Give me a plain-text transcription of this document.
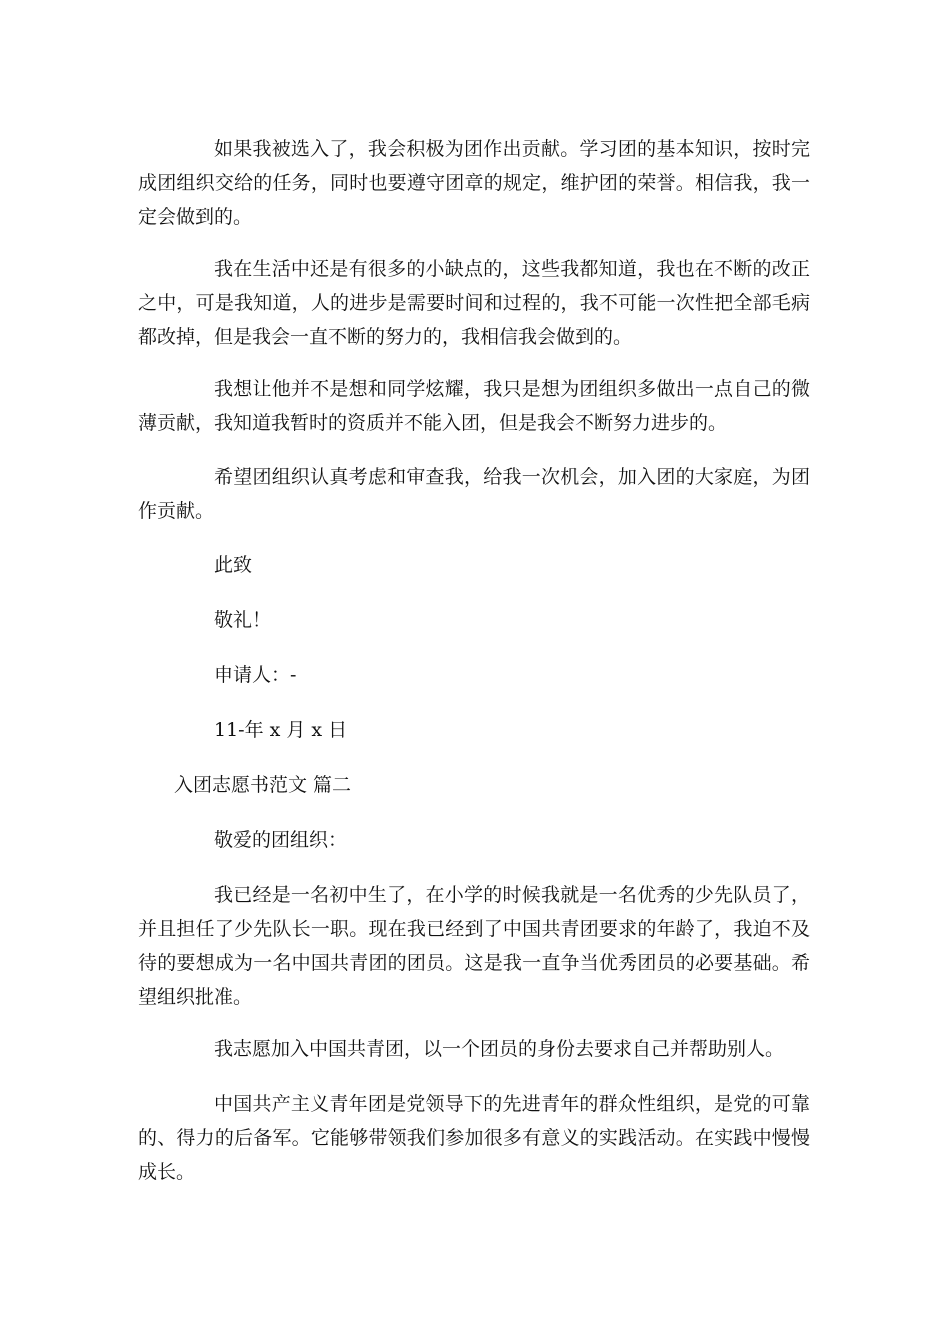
如果我被选入了，我会积极为团作出贡献。学习团的基本知识，按时完成团组织交给的任务，同时也要遵守团章的规定，维护团的荣誉。相信我，我一定会做到的。

我在生活中还是有很多的小缺点的，这些我都知道，我也在不断的改正之中，可是我知道，人的进步是需要时间和过程的，我不可能一次性把全部毛病都改掉，但是我会一直不断的努力的，我相信我会做到的。

我想让他并不是想和同学炫耀，我只是想为团组织多做出一点自己的微薄贡献，我知道我暂时的资质并不能入团，但是我会不断努力进步的。

希望团组织认真考虑和审查我，给我一次机会，加入团的大家庭，为团作贡献。

此致

敬礼！

申请人：-

11-年 x 月 x 日

入团志愿书范文 篇二

敬爱的团组织：

我已经是一名初中生了，在小学的时候我就是一名优秀的少先队员了，并且担任了少先队长一职。现在我已经到了中国共青团要求的年龄了，我迫不及待的要想成为一名中国共青团的团员。这是我一直争当优秀团员的必要基础。希望组织批准。

我志愿加入中国共青团，以一个团员的身份去要求自己并帮助别人。

中国共产主义青年团是党领导下的先进青年的群众性组织，是党的可靠的、得力的后备军。它能够带领我们参加很多有意义的实践活动。在实践中慢慢成长。
